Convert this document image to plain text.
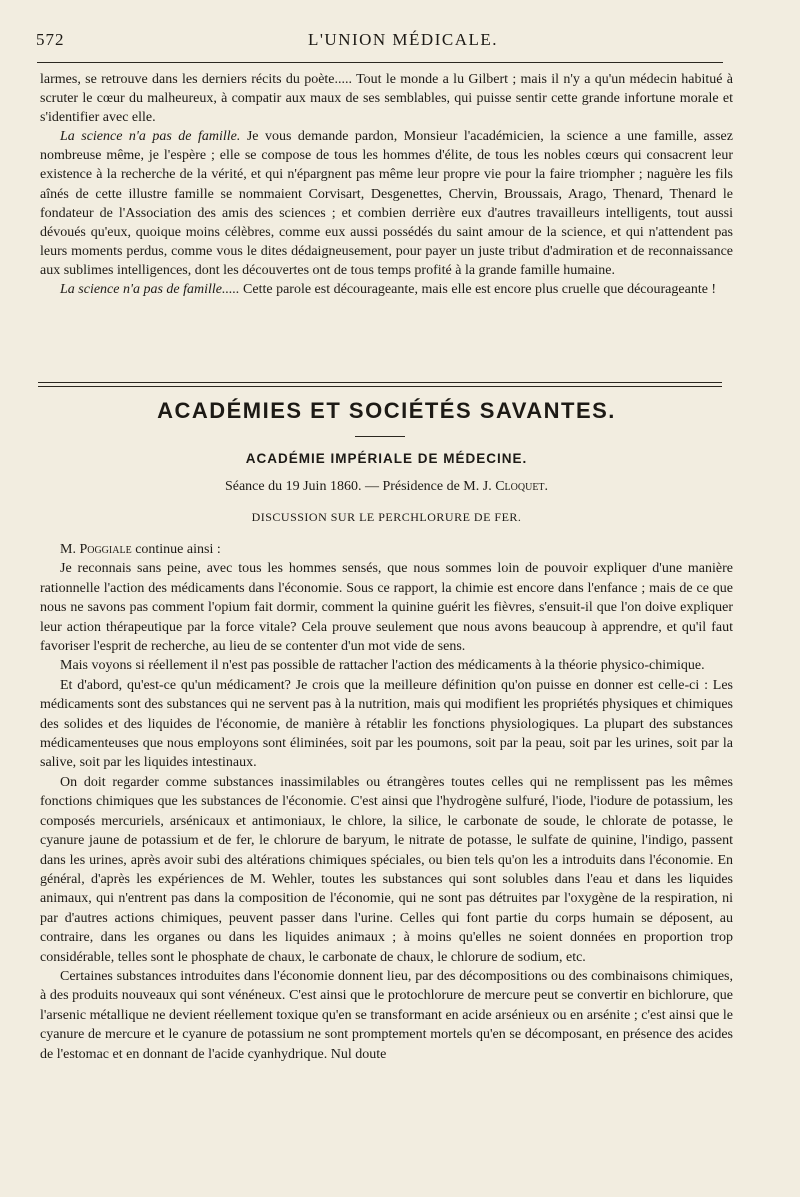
572	L'UNION MÉDICALE.

larmes, se retrouve dans les derniers récits du poète..... Tout le monde a lu Gilbert ; mais il n'y a qu'un médecin habitué à scruter le cœur du malheureux, à compatir aux maux de ses semblables, qui puisse sentir cette grande infortune morale et s'identifier avec elle.

La science n'a pas de famille. Je vous demande pardon, Monsieur l'académicien, la science a une famille, assez nombreuse même, je l'espère ; elle se compose de tous les hommes d'élite, de tous les nobles cœurs qui consacrent leur existence à la recherche de la vérité, et qui n'épargnent pas même leur propre vie pour la faire triompher ; naguère les fils aînés de cette illustre famille se nommaient Corvisart, Desgenettes, Chervin, Broussais, Arago, Thenard, Thenard le fondateur de l'Association des amis des sciences ; et combien derrière eux d'autres travailleurs intelligents, tout aussi dévoués qu'eux, quoique moins célèbres, comme eux aussi possédés du saint amour de la science, et qui n'attendent pas leurs moments perdus, comme vous le dites dédaigneusement, pour payer un juste tribut d'admiration et de reconnaissance aux sublimes intelligences, dont les découvertes ont de tous temps profité à la grande famille humaine.

La science n'a pas de famille..... Cette parole est décourageante, mais elle est encore plus cruelle que décourageante !

ACADÉMIES ET SOCIÉTÉS SAVANTES.
ACADÉMIE IMPÉRIALE DE MÉDECINE.
Séance du 19 Juin 1860. — Présidence de M. J. Cloquet.
DISCUSSION SUR LE PERCHLORURE DE FER.

M. Poggiale continue ainsi :

Je reconnais sans peine, avec tous les hommes sensés, que nous sommes loin de pouvoir expliquer d'une manière rationnelle l'action des médicaments dans l'économie. Sous ce rapport, la chimie est encore dans l'enfance ; mais de ce que nous ne savons pas comment l'opium fait dormir, comment la quinine guérit les fièvres, s'ensuit-il que l'on doive expliquer leur action thérapeutique par la force vitale? Cela prouve seulement que nous avons beaucoup à apprendre, et qu'il faut favoriser l'esprit de recherche, au lieu de se contenter d'un mot vide de sens.

Mais voyons si réellement il n'est pas possible de rattacher l'action des médicaments à la théorie physico-chimique.

Et d'abord, qu'est-ce qu'un médicament? Je crois que la meilleure définition qu'on puisse en donner est celle-ci : Les médicaments sont des substances qui ne servent pas à la nutrition, mais qui modifient les propriétés physiques et chimiques des solides et des liquides de l'économie, de manière à rétablir les fonctions physiologiques. La plupart des substances médicamenteuses que nous employons sont éliminées, soit par les poumons, soit par la peau, soit par les urines, soit par la salive, soit par les liquides intestinaux.

On doit regarder comme substances inassimilables ou étrangères toutes celles qui ne remplissent pas les mêmes fonctions chimiques que les substances de l'économie. C'est ainsi que l'hydrogène sulfuré, l'iode, l'iodure de potassium, les composés mercuriels, arsénicaux et antimoniaux, le chlore, la silice, le carbonate de soude, le chlorate de potasse, le cyanure jaune de potassium et de fer, le chlorure de baryum, le nitrate de potasse, le sulfate de quinine, l'indigo, passent dans les urines, après avoir subi des altérations chimiques spéciales, ou bien tels qu'on les a introduits dans l'économie. En général, d'après les expériences de M. Wehler, toutes les substances qui sont solubles dans l'eau et dans les liquides animaux, qui n'entrent pas dans la composition de l'économie, qui ne sont pas détruites par l'oxygène de la respiration, ni par d'autres actions chimiques, peuvent passer dans l'urine. Celles qui font partie du corps humain se déposent, au contraire, dans les organes ou dans les liquides animaux ; à moins qu'elles ne soient données en proportion trop considérable, telles sont le phosphate de chaux, le carbonate de chaux, le chlorure de sodium, etc.

Certaines substances introduites dans l'économie donnent lieu, par des décompositions ou des combinaisons chimiques, à des produits nouveaux qui sont vénéneux. C'est ainsi que le protochlorure de mercure peut se convertir en bichlorure, que l'arsenic métallique ne devient réellement toxique qu'en se transformant en acide arsénieux ou en arsénite ; c'est ainsi que le cyanure de mercure et le cyanure de potassium ne sont promptement mortels qu'en se décomposant, en présence des acides de l'estomac et en donnant de l'acide cyanhydrique. Nul doute
